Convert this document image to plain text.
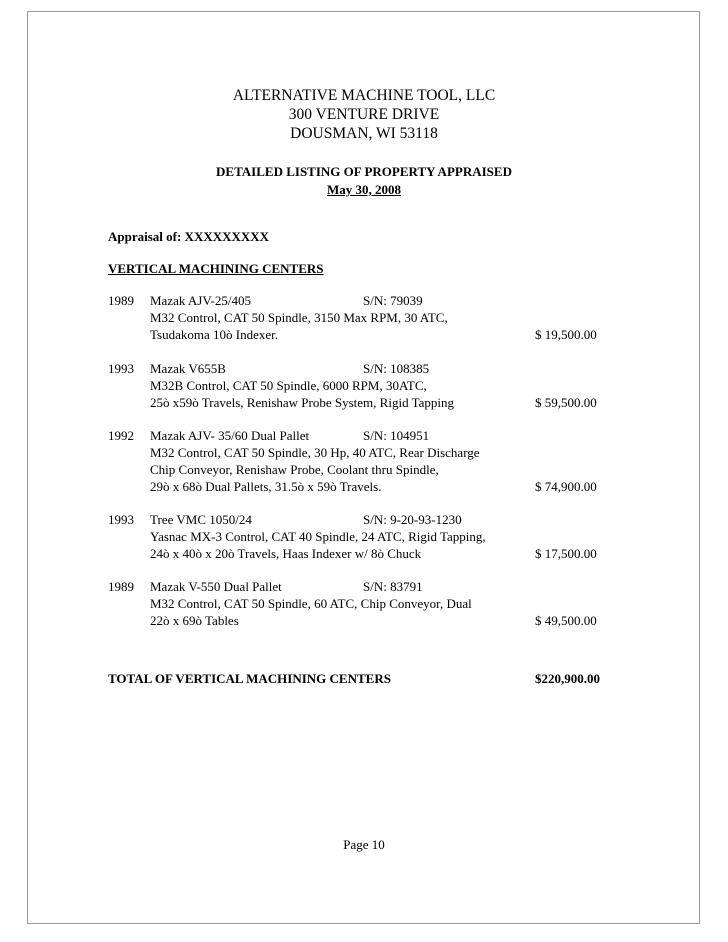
ALTERNATIVE MACHINE TOOL, LLC
300 VENTURE DRIVE
DOUSMAN, WI 53118
DETAILED LISTING OF PROPERTY APPRAISED
May 30, 2008
Appraisal of: XXXXXXXXX
VERTICAL MACHINING CENTERS
1989 Mazak AJV-25/405	S/N: 79039
M32 Control, CAT 50 Spindle, 3150 Max RPM, 30 ATC,
Tsudakoma 10ò Indexer.	$ 19,500.00
1993 Mazak V655B	S/N: 108385
M32B Control, CAT 50 Spindle, 6000 RPM, 30ATC,
25ò x59ò Travels, Renishaw Probe System, Rigid Tapping	$ 59,500.00
1992 Mazak AJV- 35/60 Dual Pallet	S/N: 104951
M32 Control, CAT 50 Spindle, 30 Hp, 40 ATC, Rear Discharge
Chip Conveyor, Renishaw Probe, Coolant thru Spindle,
29ò x 68ò Dual Pallets, 31.5ò x 59ò Travels.	$ 74,900.00
1993 Tree VMC 1050/24	S/N: 9-20-93-1230
Yasnac MX-3 Control, CAT 40 Spindle, 24 ATC, Rigid Tapping,
24ò x 40ò x 20ò Travels, Haas Indexer w/ 8ò Chuck	$ 17,500.00
1989 Mazak V-550 Dual Pallet	S/N: 83791
M32 Control, CAT 50 Spindle, 60 ATC, Chip Conveyor, Dual
22ò x 69ò Tables	$ 49,500.00
TOTAL OF VERTICAL MACHINING CENTERS	$220,900.00
Page 10
